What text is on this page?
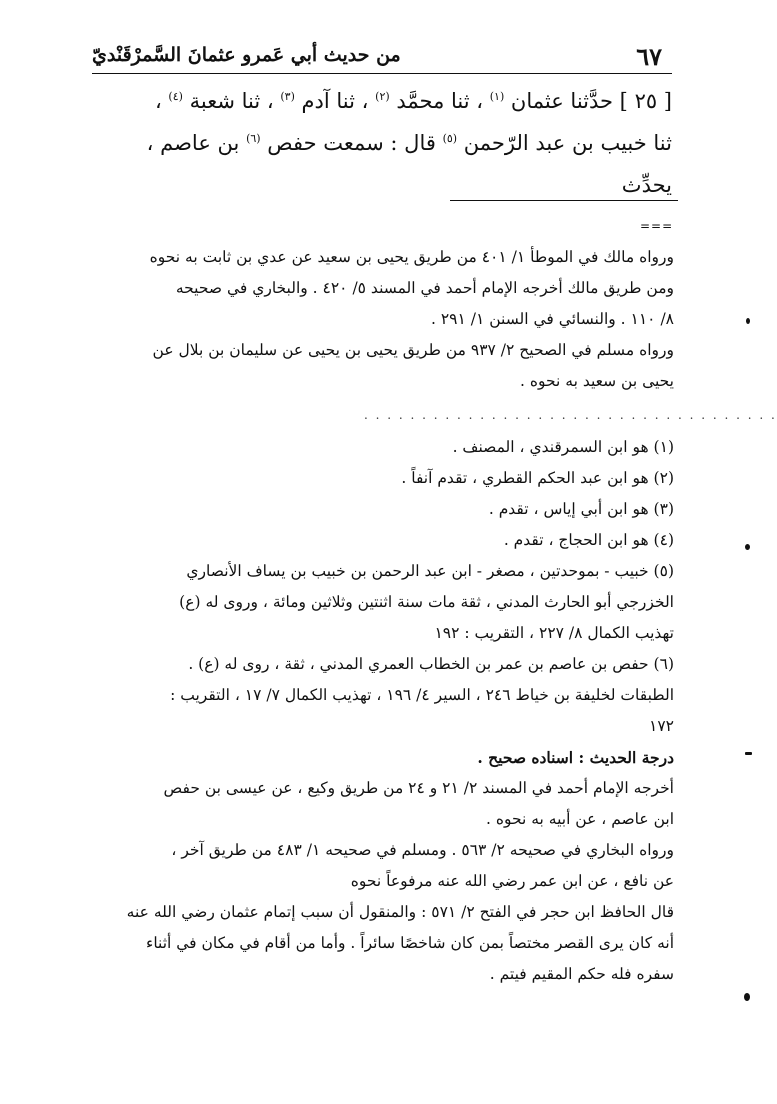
٦٧
من حديث أبي عَمرو عثمانَ السَّمرْقَنْديّ

[ ٢٥ ] حدَّثنا عثمان $^{(١)}$ ، ثنا محمَّد $^{(٢)}$ ، ثنا آدم $^{(٣)}$ ، ثنا شعبة $^{(٤)}$ ،

ثنا خبيب بن عبد الرّحمن $^{(٥)}$ قال : سمعت حفص $^{(٦)}$ بن عاصم ، يحدِّث

===

ورواه مالك في الموطأ ١/ ٤٠١ من طريق يحيى بن سعيد عن عدي بن ثابت به نحوه

ومن طريق مالك أخرجه الإمام أحمد في المسند ٥/ ٤٢٠ . والبخاري في صحيحه

٨/ ١١٠ . والنسائي في السنن ١/ ٢٩١ .

ورواه مسلم في الصحيح ٢/ ٩٣٧ من طريق يحيى بن يحيى عن سليمان بن بلال عن

يحيى بن سعيد به نحوه .

. . . . . . . . . . . . . . . . . . . . . . . . . . . . . . . . . . . .

(١) هو ابن السمرقندي ، المصنف .

(٢) هو ابن عبد الحكم القطري ، تقدم آنفاً .

(٣) هو ابن أبي إياس ، تقدم .

(٤) هو ابن الحجاج ، تقدم .

(٥) خبيب - بموحدتين ، مصغر - ابن عبد الرحمن بن خبيب بن يساف الأنصاري

الخزرجي أبو الحارث المدني ، ثقة مات سنة اثنتين وثلاثين ومائة ، وروى له (ع)

تهذيب الكمال ٨/ ٢٢٧ ، التقريب : ١٩٢

(٦) حفص بن عاصم بن عمر بن الخطاب العمري المدني ، ثقة ، روى له (ع) .

الطبقات لخليفة بن خياط ٢٤٦ ، السير ٤/ ١٩٦ ، تهذيب الكمال ٧/ ١٧ ، التقريب :

١٧٢

درجة الحديث : اسناده صحيح .

أخرجه الإمام أحمد في المسند ٢/ ٢١ و ٢٤ من طريق وكيع ، عن عيسى بن حفص

ابن عاصم ، عن أبيه به نحوه .

ورواه البخاري في صحيحه ٢/ ٥٦٣ . ومسلم في صحيحه ١/ ٤٨٣ من طريق آخر ،

عن نافع ، عن ابن عمر رضي الله عنه مرفوعاً نحوه

قال الحافظ ابن حجر في الفتح ٢/ ٥٧١ : والمنقول أن سبب إتمام عثمان رضي الله عنه

أنه كان يرى القصر مختصاً بمن كان شاخصًا سائراً . وأما من أقام في مكان في أثناء

سفره فله حكم المقيم فيتم .
